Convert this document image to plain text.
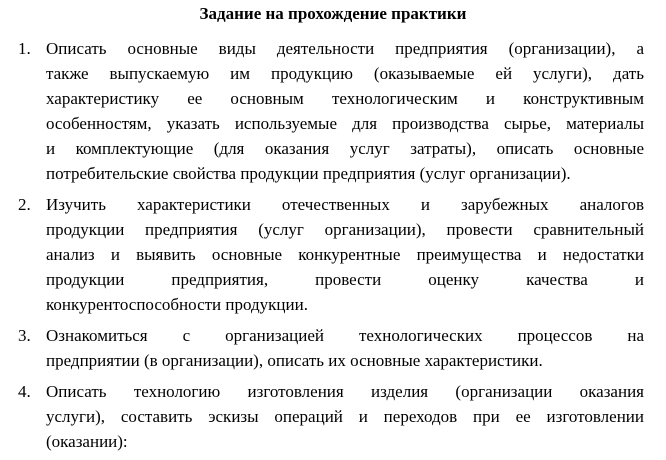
Задание на прохождение практики
1. Описать основные виды деятельности предприятия (организации), а
также выпускаемую им продукцию (оказываемые ей услуги), дать
характеристику ее основным технологическим и конструктивным
особенностям, указать используемые для производства сырье, материалы
и комплектующие (для оказания услуг затраты), описать основные
потребительские свойства продукции предприятия (услуг организации).
2. Изучить характеристики отечественных и зарубежных аналогов
продукции предприятия (услуг организации), провести сравнительный
анализ и выявить основные конкурентные преимущества и недостатки
продукции предприятия, провести оценку качества и
конкурентоспособности продукции.
3. Ознакомиться с организацией технологических процессов на
предприятии (в организации), описать их основные характеристики.
4. Описать технологию изготовления изделия (организации оказания
услуги), составить эскизы операций и переходов при ее изготовлении
(оказании):
